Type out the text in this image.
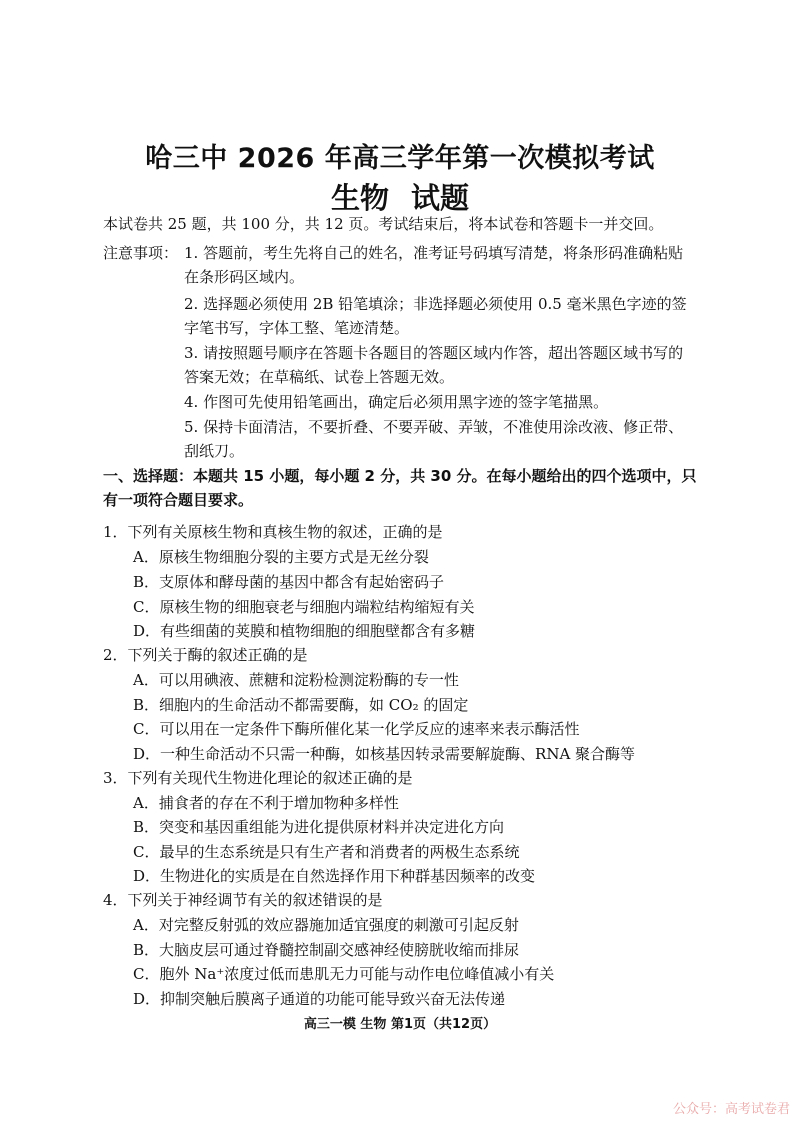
哈三中 2026 年高三学年第一次模拟考试
生物 试题
本试卷共 25 题，共 100 分，共 12 页。考试结束后，将本试卷和答题卡一并交回。
注意事项： 1. 答题前，考生先将自己的姓名，准考证号码填写清楚，将条形码准确粘贴
在条形码区域内。
2. 选择题必须使用 2B 铅笔填涂；非选择题必须使用 0.5 毫米黑色字迹的签
字笔书写，字体工整、笔迹清楚。
3. 请按照题号顺序在答题卡各题目的答题区域内作答，超出答题区域书写的
答案无效；在草稿纸、试卷上答题无效。
4. 作图可先使用铅笔画出，确定后必须用黑字迹的签字笔描黑。
5. 保持卡面清洁，不要折叠、不要弄破、弄皱，不准使用涂改液、修正带、
刮纸刀。
一、选择题：本题共 15 小题，每小题 2 分，共 30 分。在每小题给出的四个选项中，只
有一项符合题目要求。
1．下列有关原核生物和真核生物的叙述，正确的是
A．原核生物细胞分裂的主要方式是无丝分裂
B．支原体和酵母菌的基因中都含有起始密码子
C．原核生物的细胞衰老与细胞内端粒结构缩短有关
D．有些细菌的荚膜和植物细胞的细胞壁都含有多糖
2．下列关于酶的叙述正确的是
A．可以用碘液、蔗糖和淀粉检测淀粉酶的专一性
B．细胞内的生命活动不都需要酶，如 CO₂ 的固定
C．可以用在一定条件下酶所催化某一化学反应的速率来表示酶活性
D．一种生命活动不只需一种酶，如核基因转录需要解旋酶、RNA 聚合酶等
3．下列有关现代生物进化理论的叙述正确的是
A．捕食者的存在不利于增加物种多样性
B．突变和基因重组能为进化提供原材料并决定进化方向
C．最早的生态系统是只有生产者和消费者的两极生态系统
D．生物进化的实质是在自然选择作用下种群基因频率的改变
4．下列关于神经调节有关的叙述错误的是
A．对完整反射弧的效应器施加适宜强度的刺激可引起反射
B．大脑皮层可通过脊髓控制副交感神经使膀胱收缩而排尿
C．胞外 Na⁺浓度过低而患肌无力可能与动作电位峰值减小有关
D．抑制突触后膜离子通道的功能可能导致兴奋无法传递
高三一模 生物 第1页（共12页）
公众号：高考试卷君
